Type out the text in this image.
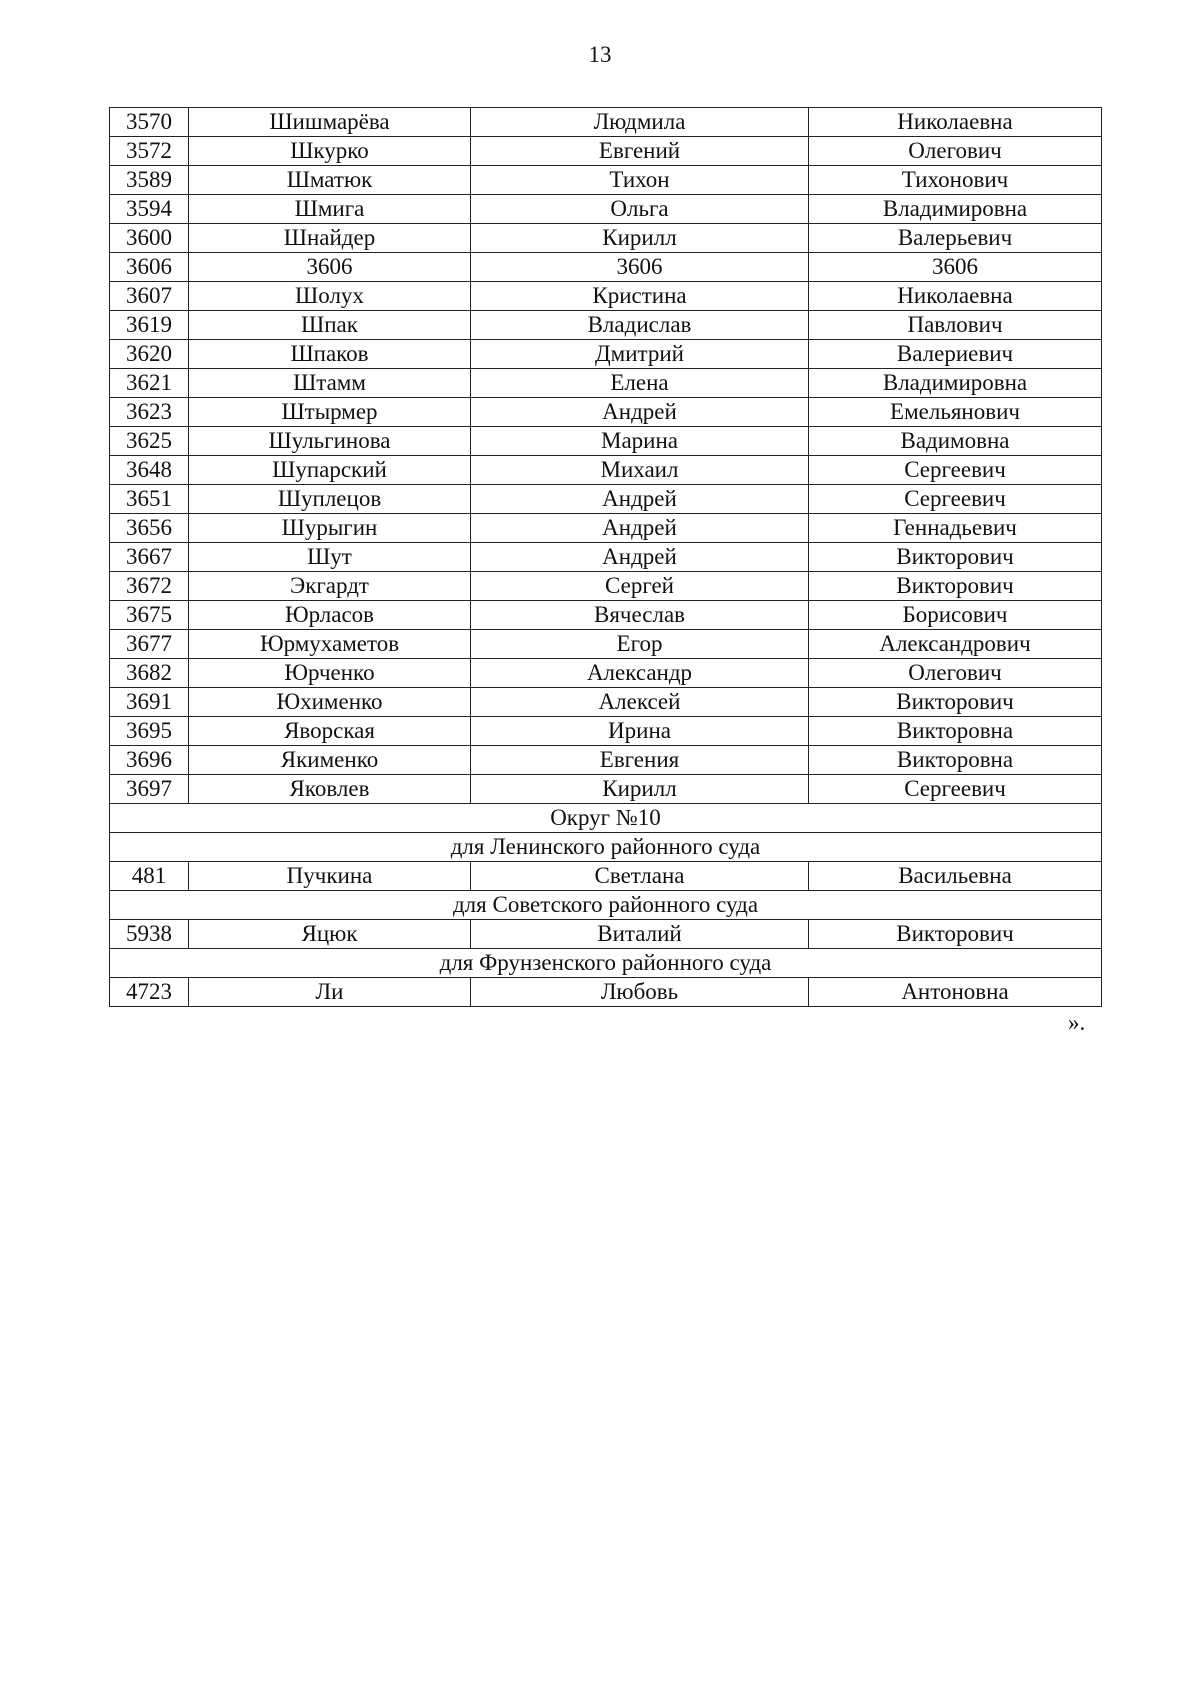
13
3570	Шишмарёва	Людмила	Николаевна
3572	Шкурко	Евгений	Олегович
3589	Шматюк	Тихон	Тихонович
3594	Шмига	Ольга	Владимировна
3600	Шнайдер	Кирилл	Валерьевич
3606	3606	3606	3606
3607	Шолух	Кристина	Николаевна
3619	Шпак	Владислав	Павлович
3620	Шпаков	Дмитрий	Валериевич
3621	Штамм	Елена	Владимировна
3623	Штырмер	Андрей	Емельянович
3625	Шульгинова	Марина	Вадимовна
3648	Шупарский	Михаил	Сергеевич
3651	Шуплецов	Андрей	Сергеевич
3656	Шурыгин	Андрей	Геннадьевич
3667	Шут	Андрей	Викторович
3672	Экгардт	Сергей	Викторович
3675	Юрласов	Вячеслав	Борисович
3677	Юрмухаметов	Егор	Александрович
3682	Юрченко	Александр	Олегович
3691	Юхименко	Алексей	Викторович
3695	Яворская	Ирина	Викторовна
3696	Якименко	Евгения	Викторовна
3697	Яковлев	Кирилл	Сергеевич
Округ №10			
для Ленинского районного суда			
481	Пучкина	Светлана	Васильевна
для Советского районного суда			
5938	Яцюк	Виталий	Викторович
для Фрунзенского районного суда			
4723	Ли	Любовь	Антоновна
».
